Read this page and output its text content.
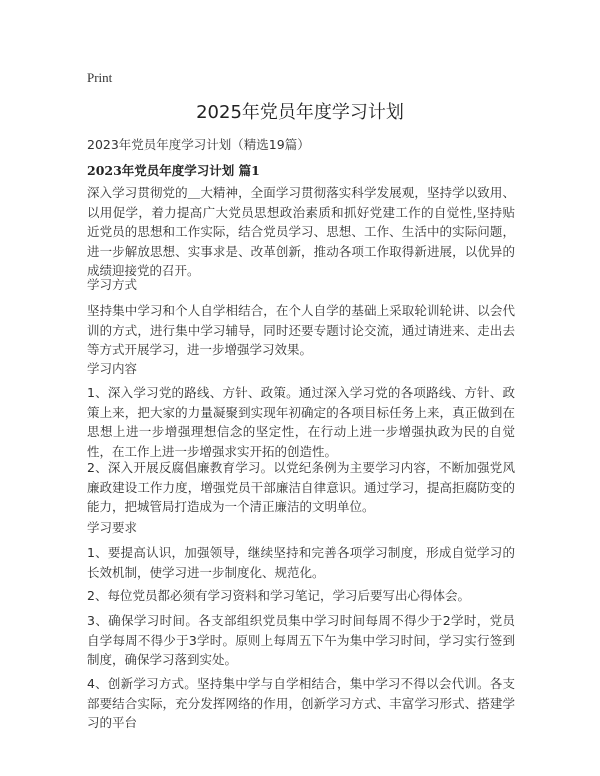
Print
2025年党员年度学习计划
2023年党员年度学习计划（精选19篇）
2023年党员年度学习计划 篇1

深入学习贯彻党的＿大精神，全面学习贯彻落实科学发展观，坚持学以致用、以用促学，着力提高广大党员思想政治素质和抓好党建工作的自觉性,坚持贴近党员的思想和工作实际，结合党员学习、思想、工作、生活中的实际问题，进一步解放思想、实事求是、改革创新，推动各项工作取得新进展，以优异的成绩迎接党的召开。

学习方式

坚持集中学习和个人自学相结合，在个人自学的基础上采取轮训轮讲、以会代训的方式，进行集中学习辅导，同时还要专题讨论交流，通过请进来、走出去等方式开展学习，进一步增强学习效果。

学习内容

1、深入学习党的路线、方针、政策。通过深入学习党的各项路线、方针、政策上来，把大家的力量凝聚到实现年初确定的各项目标任务上来，真正做到在思想上进一步增强理想信念的坚定性，在行动上进一步增强执政为民的自觉性，在工作上进一步增强求实开拓的创造性。

2、深入开展反腐倡廉教育学习。以党纪条例为主要学习内容，不断加强党风廉政建设工作力度，增强党员干部廉洁自律意识。通过学习，提高拒腐防变的能力，把城管局打造成为一个清正廉洁的文明单位。

学习要求

1、要提高认识，加强领导，继续坚持和完善各项学习制度，形成自觉学习的长效机制，使学习进一步制度化、规范化。

2、每位党员都必须有学习资料和学习笔记，学习后要写出心得体会。

3、确保学习时间。各支部组织党员集中学习时间每周不得少于2学时，党员自学每周不得少于3学时。原则上每周五下午为集中学习时间，学习实行签到制度，确保学习落到实处。

4、创新学习方式。坚持集中学与自学相结合，集中学习不得以会代训。各支部要结合实际，充分发挥网络的作用，创新学习方式、丰富学习形式、搭建学习的平台
